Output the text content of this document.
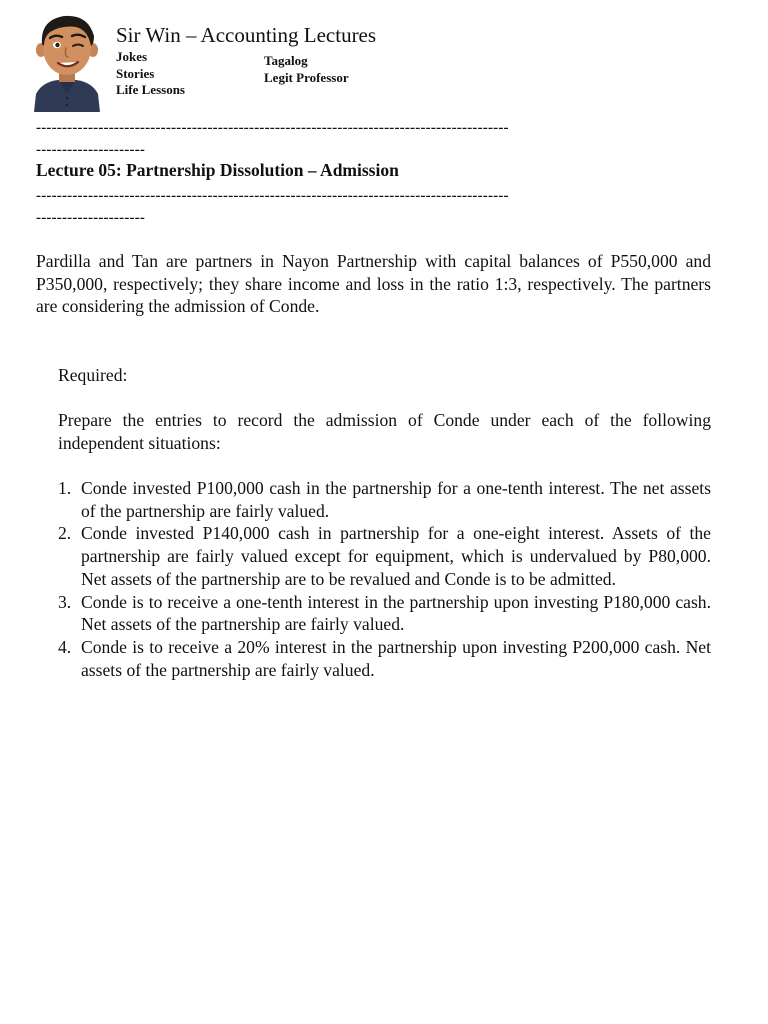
Sir Win – Accounting Lectures
Jokes
Stories
Life Lessons
Tagalog
Legit Professor
-------------------------------------------------------------------------------------------
---------------------
Lecture 05: Partnership Dissolution – Admission
-------------------------------------------------------------------------------------------
---------------------

Pardilla and Tan are partners in Nayon Partnership with capital balances of P550,000 and P350,000, respectively; they share income and loss in the ratio 1:3, respectively. The partners are considering the admission of Conde.

Required:

Prepare the entries to record the admission of Conde under each of the following independent situations:

1. Conde invested P100,000 cash in the partnership for a one-tenth interest. The net assets of the partnership are fairly valued.
2. Conde invested P140,000 cash in partnership for a one-eight interest. Assets of the partnership are fairly valued except for equipment, which is undervalued by P80,000. Net assets of the partnership are to be revalued and Conde is to be admitted.
3. Conde is to receive a one-tenth interest in the partnership upon investing P180,000 cash. Net assets of the partnership are fairly valued.
4. Conde is to receive a 20% interest in the partnership upon investing P200,000 cash. Net assets of the partnership are fairly valued.
